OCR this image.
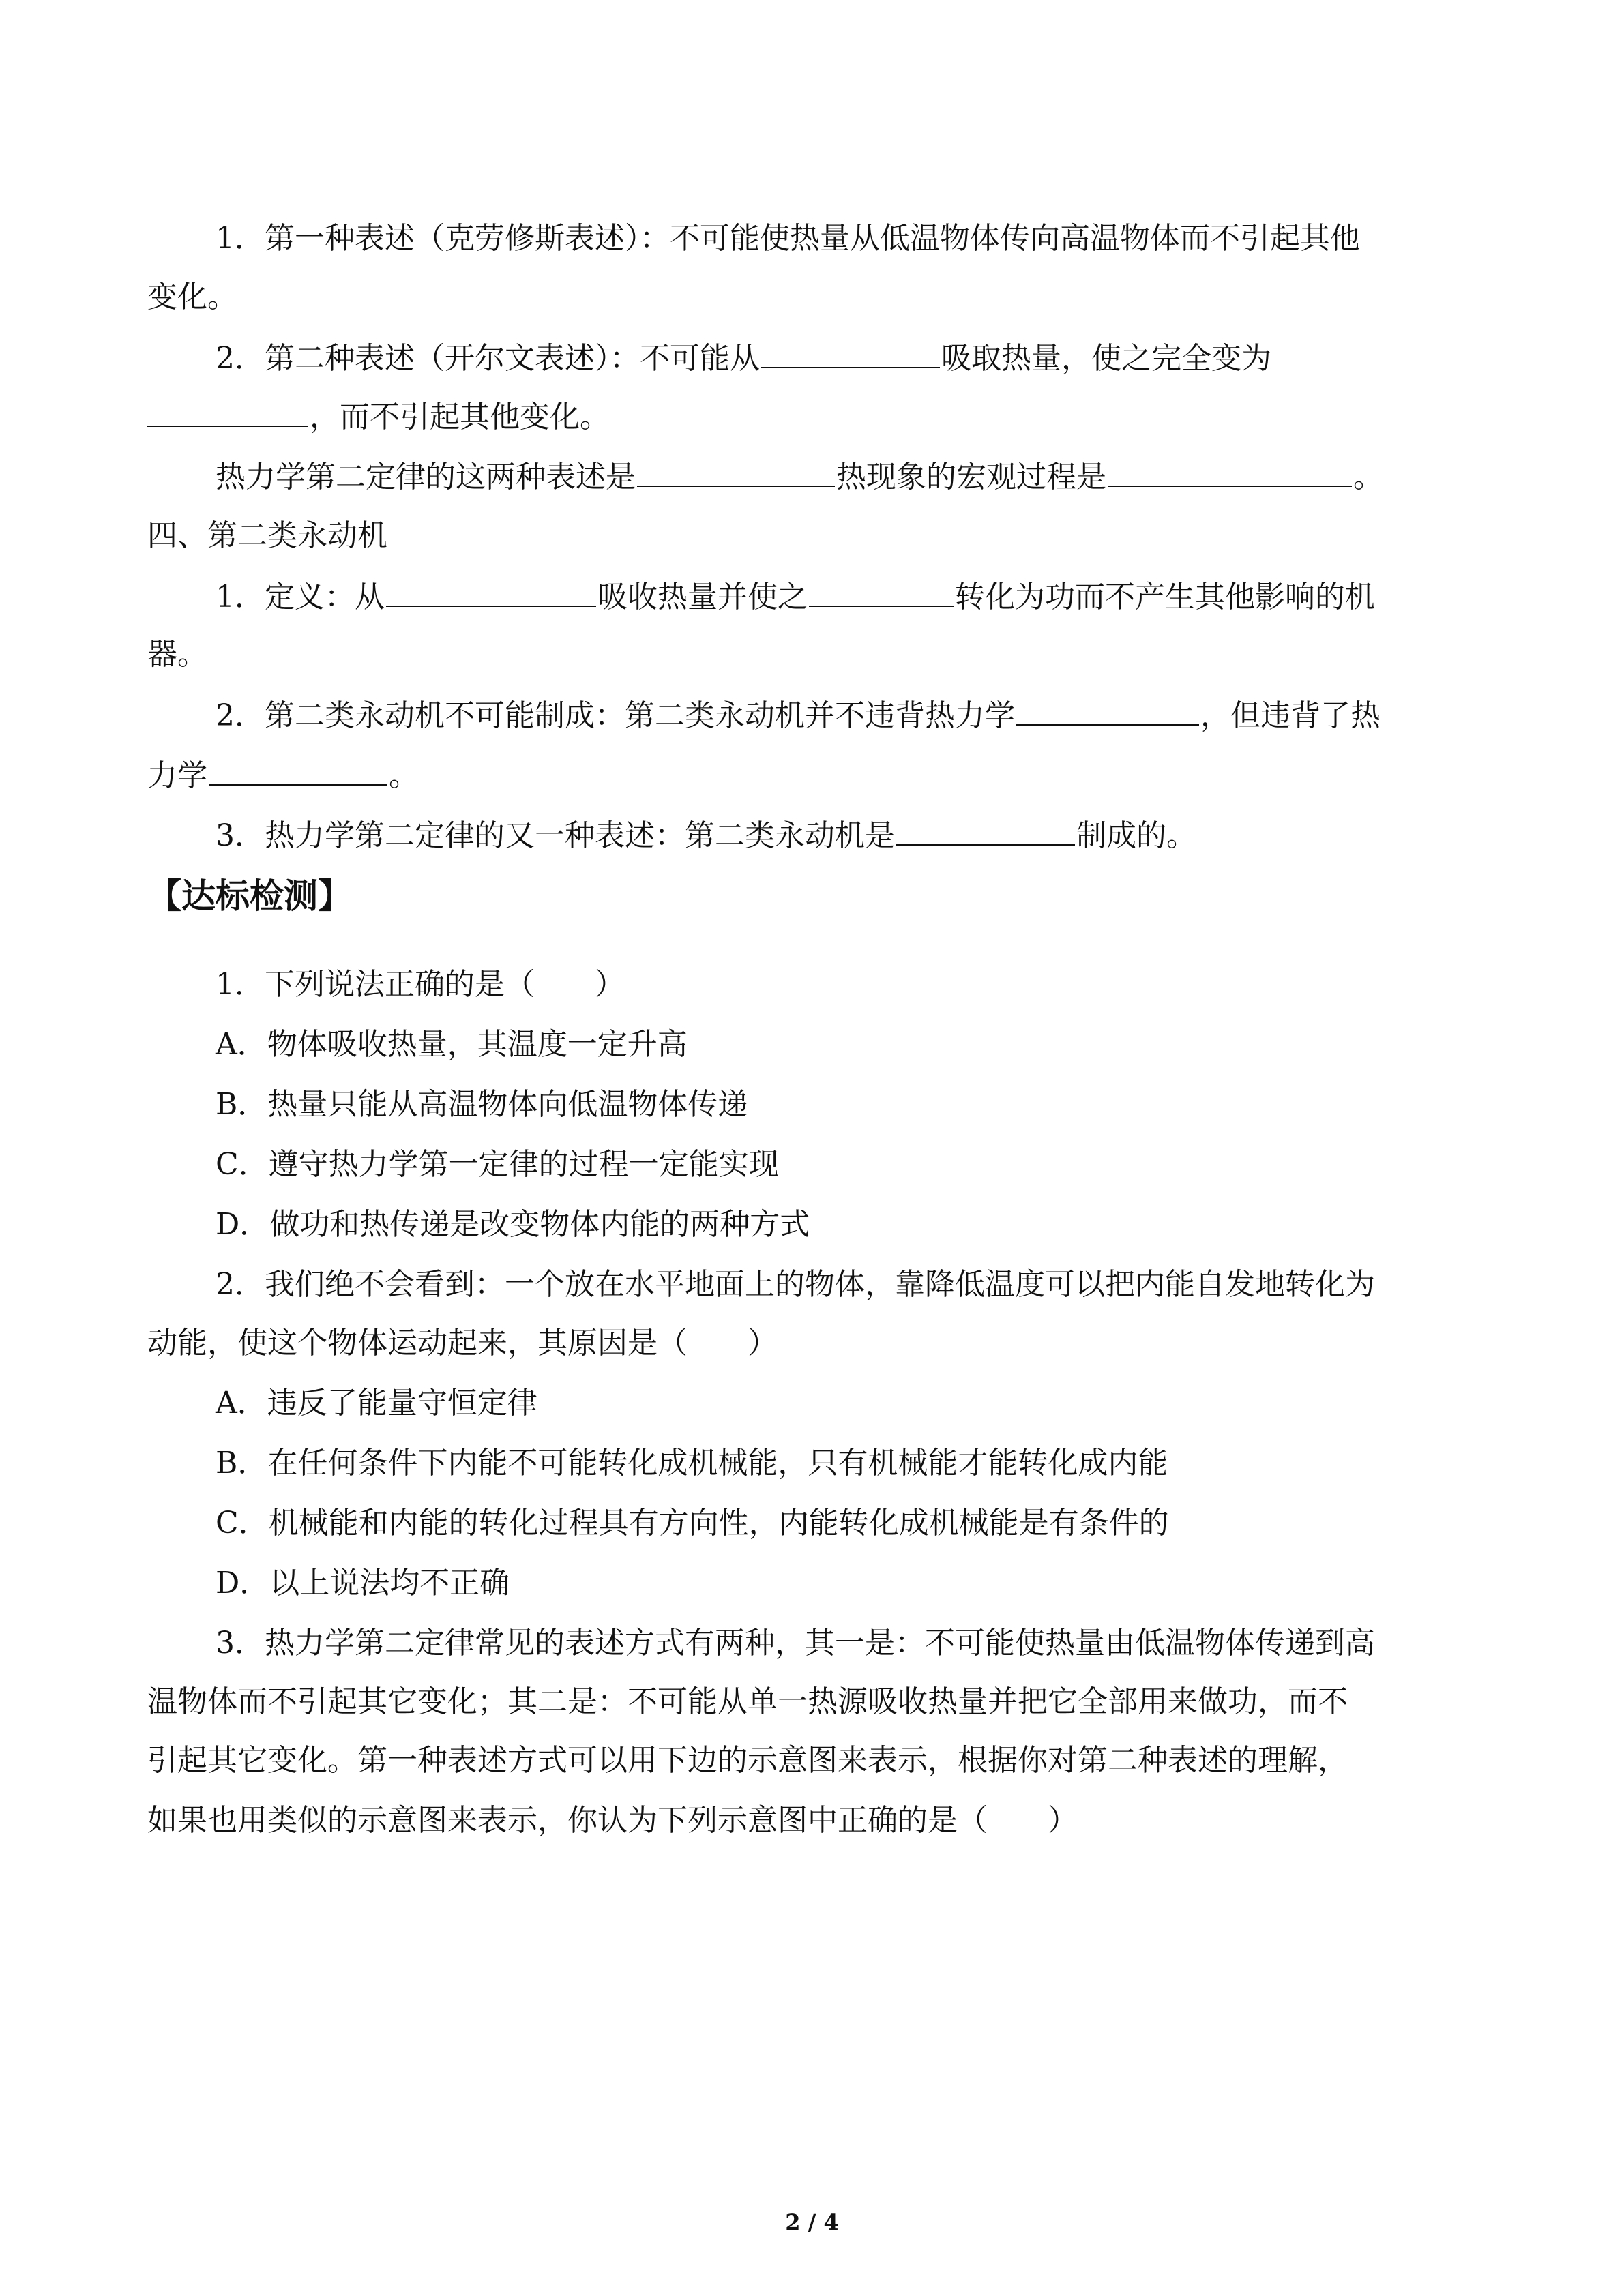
1．第一种表述（克劳修斯表述）：不可能使热量从低温物体传向高温物体而不引起其他
变化。
2．第二种表述（开尔文表述）：不可能从	吸取热量，使之完全变为
，而不引起其他变化。
热力学第二定律的这两种表述是	热现象的宏观过程是	。
四、第二类永动机
1．定义：从	吸收热量并使之	转化为功而不产生其他影响的机
器。
2．第二类永动机不可能制成：第二类永动机并不违背热力学	，但违背了热
力学	。
3．热力学第二定律的又一种表述：第二类永动机是	制成的。
【达标检测】
1．下列说法正确的是（　　）
A．物体吸收热量，其温度一定升高
B．热量只能从高温物体向低温物体传递
C．遵守热力学第一定律的过程一定能实现
D．做功和热传递是改变物体内能的两种方式
2．我们绝不会看到：一个放在水平地面上的物体，靠降低温度可以把内能自发地转化为
动能，使这个物体运动起来，其原因是（　　）
A．违反了能量守恒定律
B．在任何条件下内能不可能转化成机械能，只有机械能才能转化成内能
C．机械能和内能的转化过程具有方向性，内能转化成机械能是有条件的
D．以上说法均不正确
3．热力学第二定律常见的表述方式有两种，其一是：不可能使热量由低温物体传递到高
温物体而不引起其它变化；其二是：不可能从单一热源吸收热量并把它全部用来做功，而不
引起其它变化。第一种表述方式可以用下边的示意图来表示，根据你对第二种表述的理解，
如果也用类似的示意图来表示，你认为下列示意图中正确的是（　　）
2 / 4
